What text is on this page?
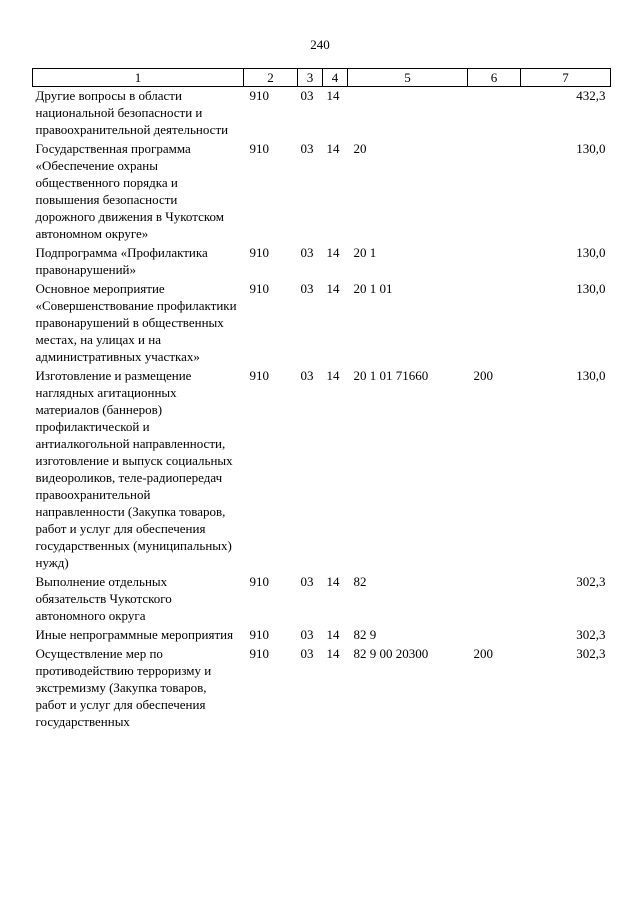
240
1	2	3	4	5	6	7
Другие вопросы в области национальной безопасности и правоохранительной деятельности	910	03	14			432,3
Государственная программа «Обеспечение охраны общественного порядка и повышения безопасности дорожного движения в Чукотском автономном округе»	910	03	14	20		130,0
Подпрограмма «Профилактика правонарушений»	910	03	14	20 1		130,0
Основное мероприятие «Совершенствование профилактики правонарушений в общественных местах, на улицах и на административных участках»	910	03	14	20 1 01		130,0
Изготовление и размещение наглядных агитационных материалов (баннеров) профилактической и антиалкогольной направленности, изготовление и выпуск социальных видеороликов, теле-радиопередач правоохранительной направленности (Закупка товаров, работ и услуг для обеспечения государственных (муниципальных) нужд)	910	03	14	20 1 01 71660	200	130,0
Выполнение отдельных обязательств Чукотского автономного округа	910	03	14	82		302,3
Иные непрограммные мероприятия	910	03	14	82 9		302,3
Осуществление мер по противодействию терроризму и экстремизму (Закупка товаров, работ и услуг для обеспечения государственных	910	03	14	82 9 00 20300	200	302,3
